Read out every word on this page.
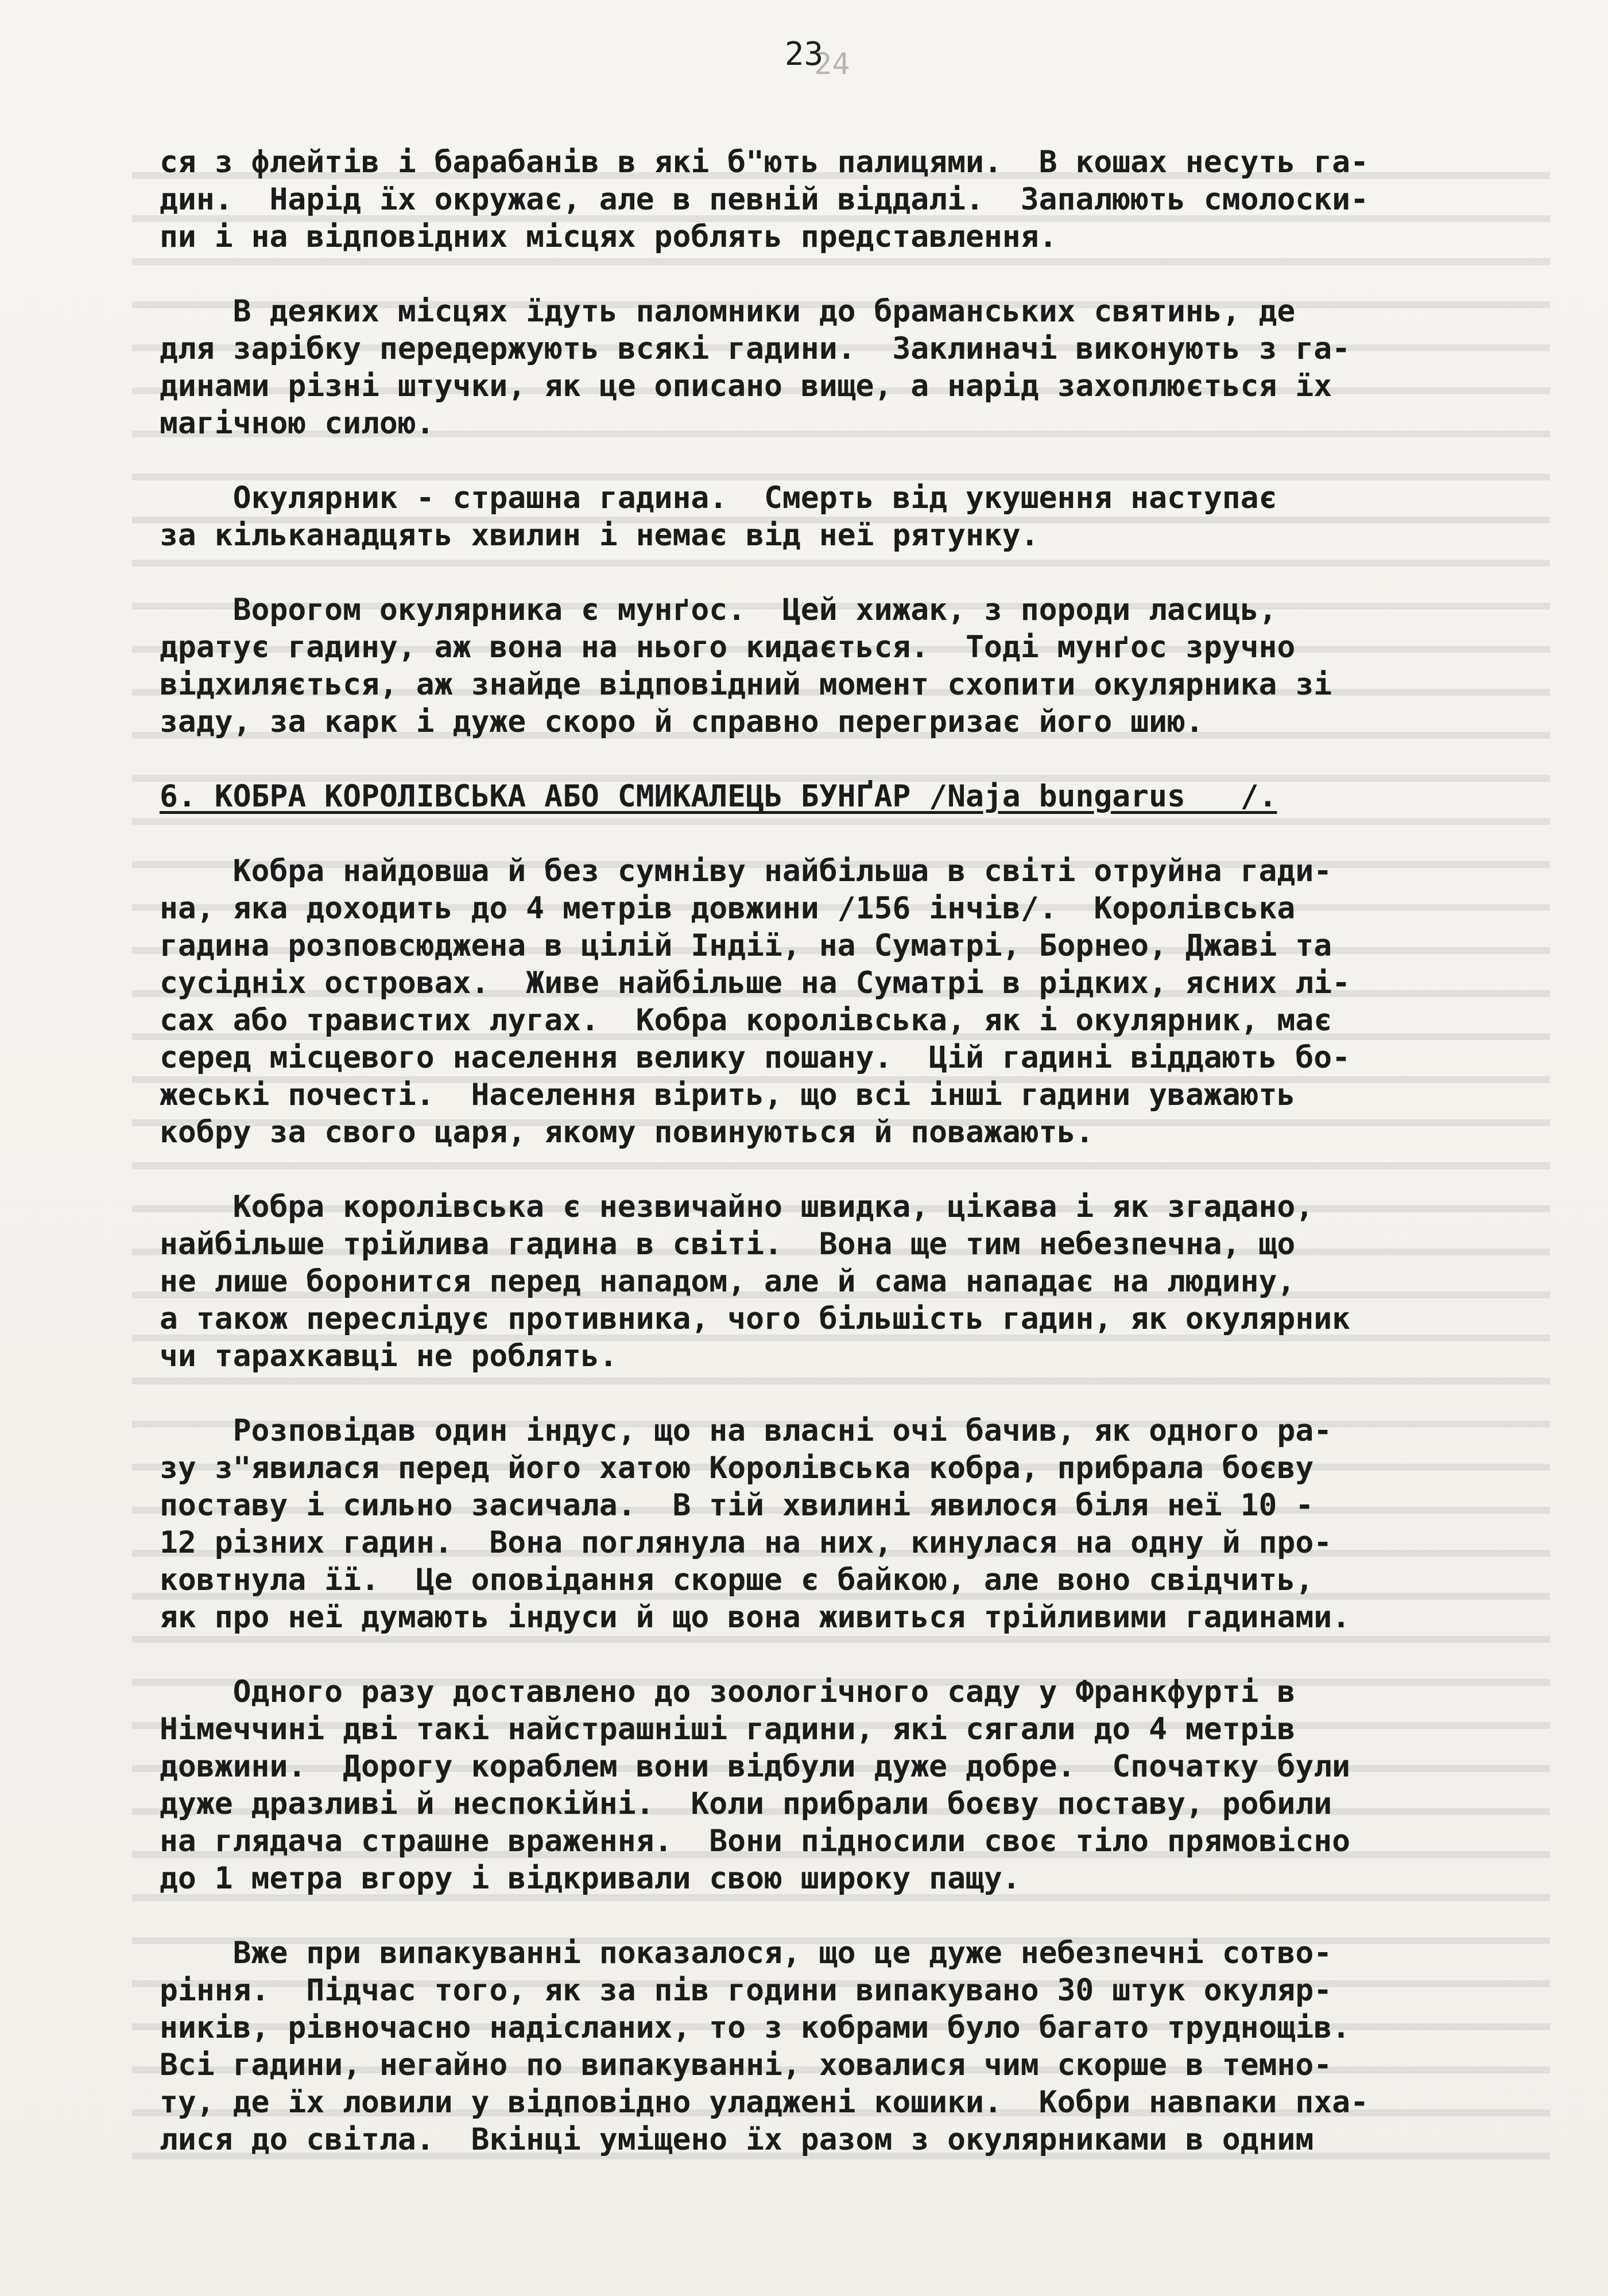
24
23
ся з флейтів і барабанів в які б"ють палицями.  В кошах несуть га-
дин.  Нарід їх окружає, але в певній віддалі.  Запалюють смолоски-
пи і на відповідних місцях роблять представлення.
В деяких місцях їдуть паломники до браманських святинь, де
для зарібку передержують всякі гадини.  Заклиначі виконують з га-
динами різні штучки, як це описано вище, а нарід захоплюється їх
магічною силою.
Окулярник - страшна гадина.  Смерть від укушення наступає
за кільканадцять хвилин і немає від неї рятунку.
Ворогом окулярника є мунґос.  Цей хижак, з породи ласиць,
дратує гадину, аж вона на нього кидається.  Тоді мунґос зручно
відхиляється, аж знайде відповідний момент схопити окулярника зі
заду, за карк і дуже скоро й справно перегризає його шию.
6. КОБРА КОРОЛІВСЬКА АБО СМИКАЛЕЦЬ БУНҐАР /Naja bungarus   /.
Кобра найдовша й без сумніву найбільша в світі отруйна гади-
на, яка доходить до 4 метрів довжини /156 інчів/.  Королівська
гадина розповсюджена в цілій Індії, на Суматрі, Борнео, Джаві та
сусідніх островах.  Живе найбільше на Суматрі в рідких, ясних лі-
сах або травистих лугах.  Кобра королівська, як і окулярник, має
серед місцевого населення велику пошану.  Цій гадині віддають бо-
жеські почесті.  Населення вірить, що всі інші гадини уважають
кобру за свого царя, якому повинуються й поважають.
Кобра королівська є незвичайно швидка, цікава і як згадано,
найбільше трійлива гадина в світі.  Вона ще тим небезпечна, що
не лише боронится перед нападом, але й сама нападає на людину,
а також переслідує противника, чого більшість гадин, як окулярник
чи тарахкавці не роблять.
Розповідав один індус, що на власні очі бачив, як одного ра-
зу з"явилася перед його хатою Королівська кобра, прибрала боєву
поставу і сильно засичала.  В тій хвилині явилося біля неї 10 -
12 різних гадин.  Вона поглянула на них, кинулася на одну й про-
ковтнула її.  Це оповідання скорше є байкою, але воно свідчить,
як про неї думають індуси й що вона живиться трійливими гадинами.
Одного разу доставлено до зоологічного саду у Франкфурті в
Німеччині дві такі найстрашніші гадини, які сягали до 4 метрів
довжини.  Дорогу кораблем вони відбули дуже добре.  Спочатку були
дуже дразливі й неспокійні.  Коли прибрали боєву поставу, робили
на глядача страшне враження.  Вони підносили своє тіло прямовісно
до 1 метра вгору і відкривали свою широку пащу.
Вже при випакуванні показалося, що це дуже небезпечні сотво-
ріння.  Підчас того, як за пів години випакувано 30 штук окуляр-
ників, рівночасно надісланих, то з кобрами було багато труднощів.
Всі гадини, негайно по випакуванні, ховалися чим скорше в темно-
ту, де їх ловили у відповідно уладжені кошики.  Кобри навпаки пха-
лися до світла.  Вкінці уміщено їх разом з окулярниками в одним
